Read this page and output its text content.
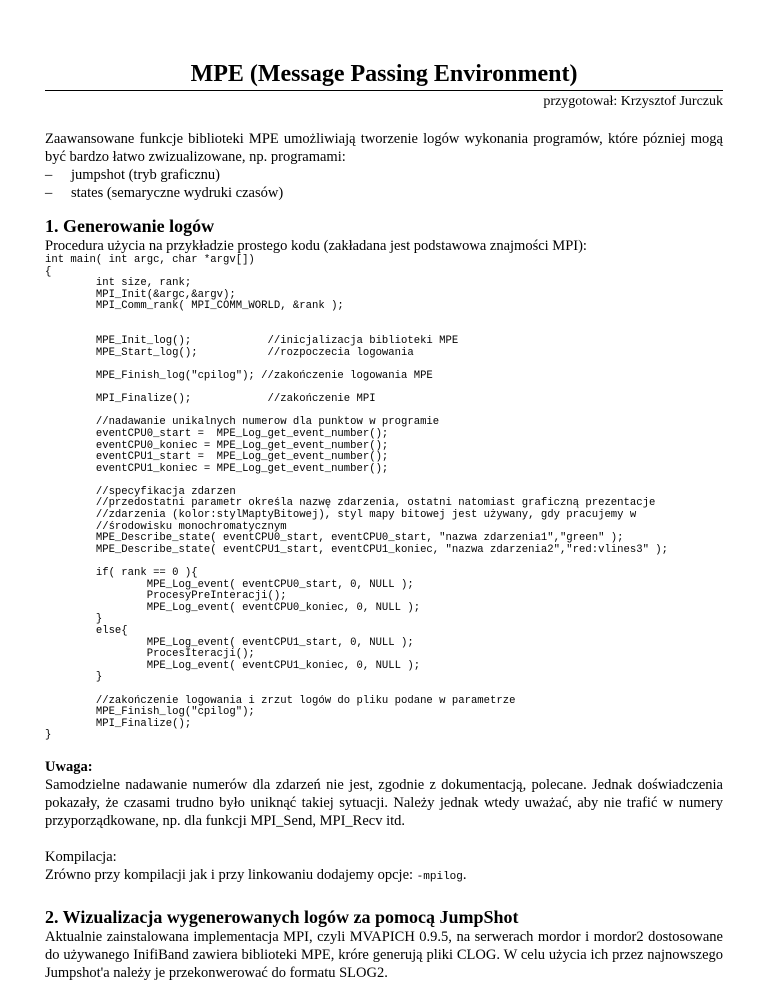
MPE (Message Passing Environment)
przygotował: Krzysztof Jurczuk

Zaawansowane funkcje biblioteki MPE umożliwiają tworzenie logów wykonania programów, które pózniej mogą być bardzo łatwo zwizualizowane, np. programami:

– jumpshot (tryb graficznu)
– states (semaryczne wydruki czasów)
1. Generowanie logów

Procedura użycia na przykładzie prostego kodu (zakładana jest podstawowa znajmości MPI):

int main( int argc, char *argv[])
{
int size, rank;
MPI_Init(&argc,&argv);
MPI_Comm_rank( MPI_COMM_WORLD, &rank );

MPE_Init_log();            //inicjalizacja biblioteki MPE
MPE_Start_log();           //rozpoczecia logowania

MPE_Finish_log("cpilog"); //zakończenie logowania MPE

MPI_Finalize();            //zakończenie MPI

//nadawanie unikalnych numerow dla punktow w programie
eventCPU0_start =  MPE_Log_get_event_number();
eventCPU0_koniec = MPE_Log_get_event_number();
eventCPU1_start =  MPE_Log_get_event_number();
eventCPU1_koniec = MPE_Log_get_event_number();

//specyfikacja zdarzen
//przedostatni parametr określa nazwę zdarzenia, ostatni natomiast graficzną prezentacje
//zdarzenia (kolor:stylMaptyBitowej), styl mapy bitowej jest używany, gdy pracujemy w
//środowisku monochromatycznym
MPE_Describe_state( eventCPU0_start, eventCPU0_start, "nazwa zdarzenia1","green" );
MPE_Describe_state( eventCPU1_start, eventCPU1_koniec, "nazwa zdarzenia2","red:vlines3" );

if( rank == 0 ){
MPE_Log_event( eventCPU0_start, 0, NULL );
ProcesyPreInteracji();
MPE_Log_event( eventCPU0_koniec, 0, NULL );
}
else{
MPE_Log_event( eventCPU1_start, 0, NULL );
ProcesIteracji();
MPE_Log_event( eventCPU1_koniec, 0, NULL );
}

//zakończenie logowania i zrzut logów do pliku podane w parametrze
MPE_Finish_log("cpilog");
MPI_Finalize();
}
Uwaga:

Samodzielne nadawanie numerów dla zdarzeń nie jest, zgodnie z dokumentacją, polecane. Jednak doświadczenia pokazały, że czasami trudno było uniknąć takiej sytuacji. Należy jednak wtedy uważać, aby nie trafić w numery przyporządkowane, np. dla funkcji MPI_Send, MPI_Recv itd.

Kompilacja:

Zrówno przy kompilacji jak i przy linkowaniu dodajemy opcje: -mpilog.

2. Wizualizacja wygenerowanych logów za pomocą JumpShot

Aktualnie zainstalowana implementacja MPI, czyli MVAPICH 0.9.5, na serwerach mordor i mordor2 dostosowane do używanego InifiBand zawiera biblioteki MPE, króre generują pliki CLOG. W celu użycia ich przez najnowszego Jumpshot'a należy je przekonwerować do formatu SLOG2.
